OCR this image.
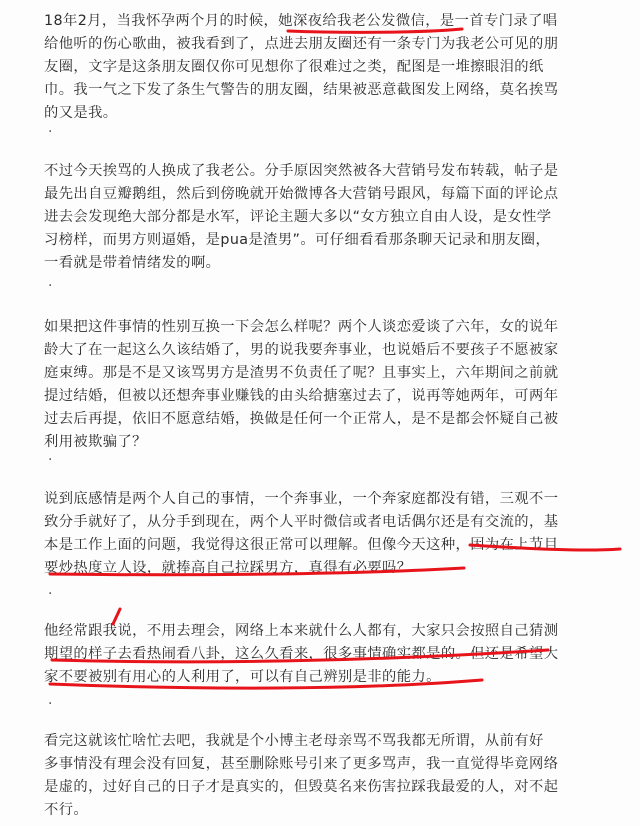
18年2月，当我怀孕两个月的时候，她深夜给我老公发微信，是一首专门录了唱
给他听的伤心歌曲，被我看到了，点进去朋友圈还有一条专门为我老公可见的朋
友圈，文字是这条朋友圈仅你可见想你了很难过之类，配图是一堆擦眼泪的纸
巾。我一气之下发了条生气警告的朋友圈，结果被恶意截图发上网络，莫名挨骂
的又是我。

·

不过今天挨骂的人换成了我老公。分手原因突然被各大营销号发布转载，帖子是
最先出自豆瓣鹅组，然后到傍晚就开始微博各大营销号跟风，每篇下面的评论点
进去会发现绝大部分都是水军，评论主题大多以“女方独立自由人设，是女性学
习榜样，而男方则逼婚，是pua是渣男”。可仔细看看那条聊天记录和朋友圈，
一看就是带着情绪发的啊。

·

如果把这件事情的性别互换一下会怎么样呢？两个人谈恋爱谈了六年，女的说年
龄大了在一起这么久该结婚了，男的说我要奔事业，也说婚后不要孩子不愿被家
庭束缚。那是不是又该骂男方是渣男不负责任了呢？且事实上，六年期间之前就
提过结婚，但被以还想奔事业赚钱的由头给搪塞过去了，说再等她两年，可两年
过去后再提，依旧不愿意结婚，换做是任何一个正常人，是不是都会怀疑自己被
利用被欺骗了？

·

说到底感情是两个人自己的事情，一个奔事业，一个奔家庭都没有错，三观不一
致分手就好了，从分手到现在，两个人平时微信或者电话偶尔还是有交流的，基
本是工作上面的问题，我觉得这很正常可以理解。但像今天这种，因为在上节目
要炒热度立人设，就捧高自己拉踩男方，真得有必要吗？

·

他经常跟我说，不用去理会，网络上本来就什么人都有，大家只会按照自己猜测
期望的样子去看热闹看八卦，这么久看来，很多事情确实都是的。但还是希望大
家不要被别有用心的人利用了，可以有自己辨别是非的能力。

·

看完这就该忙啥忙去吧，我就是个小博主老母亲骂不骂我都无所谓，从前有好
多事情没有理会没有回复，甚至删除账号引来了更多骂声，我一直觉得毕竟网络
是虚的，过好自己的日子才是真实的，但毁莫名来伤害拉踩我最爱的人，对不起
不行。
